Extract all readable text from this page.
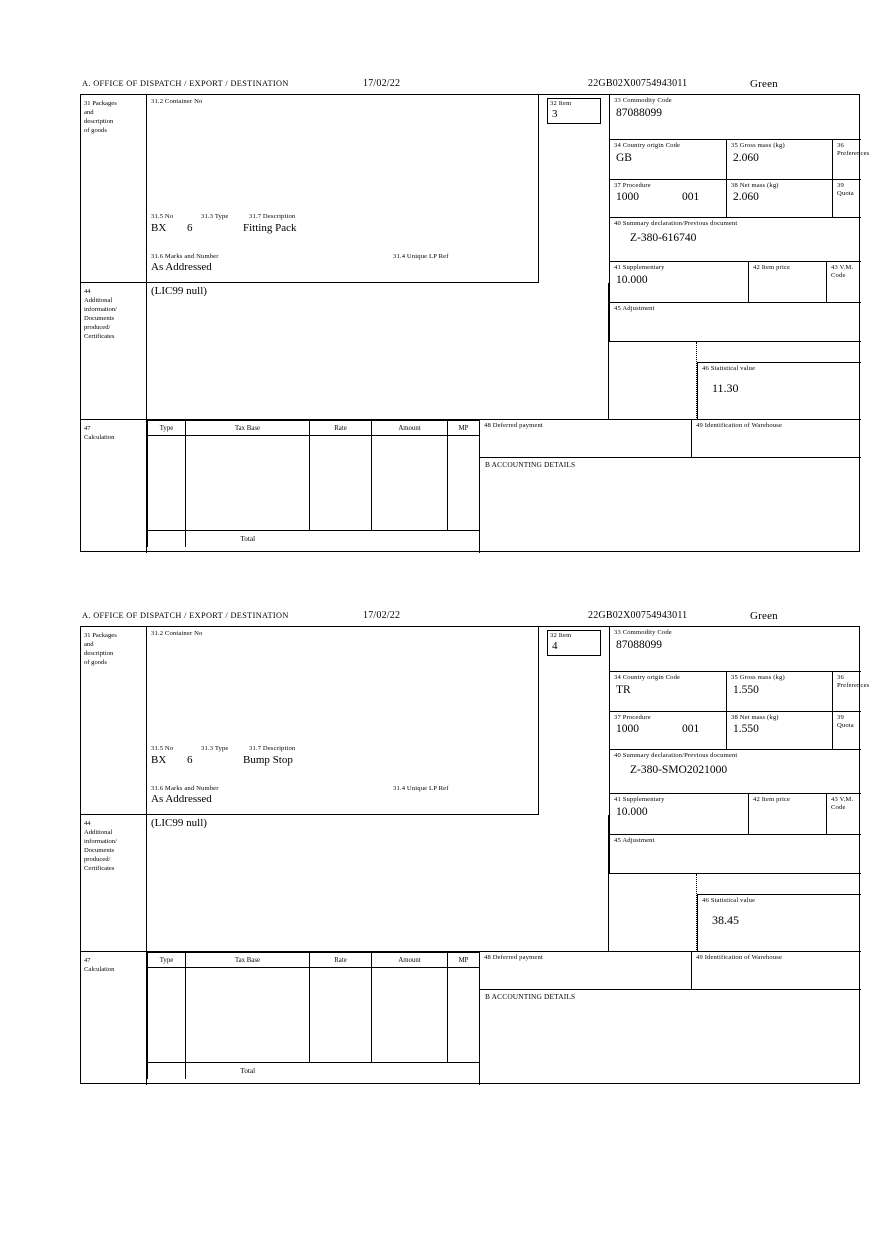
A. OFFICE OF DISPATCH / EXPORT / DESTINATION	17/02/22	22GB02X00754943011	Green
31 Packages
and
description
of goods
31.2 Container No
31.5 No	31.3 Type	31.7 Description
BX 6	Fitting Pack
31.6 Marks and Number
As Addressed
31.4 Unique LP Ref
32 Item
3
33 Commodity Code
87088099
34 Country origin Code
GB
35 Gross mass (kg)
2.060
36 Preferences
37 Procedure
1000	001
38 Net mass (kg)
2.060
39 Quota
40 Summary declaration/Previous document
Z-380-616740
41 Supplementary
10.000
42 Item price	43 V.M. Code
45 Adjustment
46 Statistical value
11.30
44
Additional
information/
Documents
produced/
Certificates
(LIC99 null)
47
Calculation
Type	Tax Base	Rate	Amount	MP

	Total			
48 Deferred payment	49 Identification of Warehouse
B ACCOUNTING DETAILS
A. OFFICE OF DISPATCH / EXPORT / DESTINATION	17/02/22	22GB02X00754943011	Green
31 Packages
and
description
of goods
31.2 Container No
31.5 No	31.3 Type	31.7 Description
BX 6	Bump Stop
31.6 Marks and Number
As Addressed
31.4 Unique LP Ref
32 Item
4
33 Commodity Code
87088099
34 Country origin Code
TR
35 Gross mass (kg)
1.550
36 Preferences
37 Procedure
1000	001
38 Net mass (kg)
1.550
39 Quota
40 Summary declaration/Previous document
Z-380-SMO2021000
41 Supplementary
10.000
42 Item price	43 V.M. Code
45 Adjustment
46 Statistical value
38.45
44
Additional
information/
Documents
produced/
Certificates
(LIC99 null)
47
Calculation
Type	Tax Base	Rate	Amount	MP

	Total			
48 Deferred payment	49 Identification of Warehouse
B ACCOUNTING DETAILS
